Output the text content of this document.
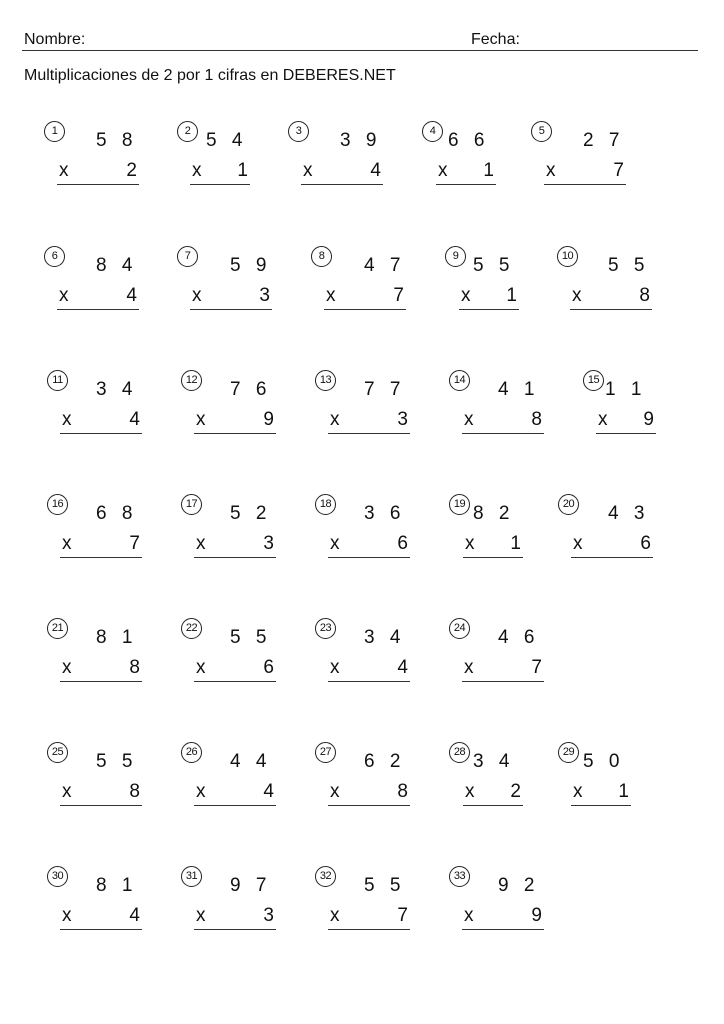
Nombre:	Fecha:
Multiplicaciones de 2 por 1 cifras en DEBERES.NET
1	5 8
x	2
2 5 4
x 1
3	3 9
x	4
4 6 6
x 1
5	2 7
x	7
6	8 4
x	4
7	5 9
x	3
8	4 7
x	7
9 5 5
x 1
10 5 5
x	8
11 3 4
x	4
12 7 6
x	9
13 7 7
x	3
14 4 1
x	8
15 1 1
x 9
16 6 8
x	7
17 5 2
x	3
18 3 6
x	6
19 8 2
x 1
20 4 3
x	6
21 8 1
x	8
22 5 5
x	6
23 3 4
x	4
24 4 6
x	7
25 5 5
x	8
26 4 4
x	4
27 6 2
x	8
28 3 4
x 2
29 5 0
x 1
30 8 1
x	4
31 9 7
x	3
32 5 5
x	7
33 9 2
x	9
